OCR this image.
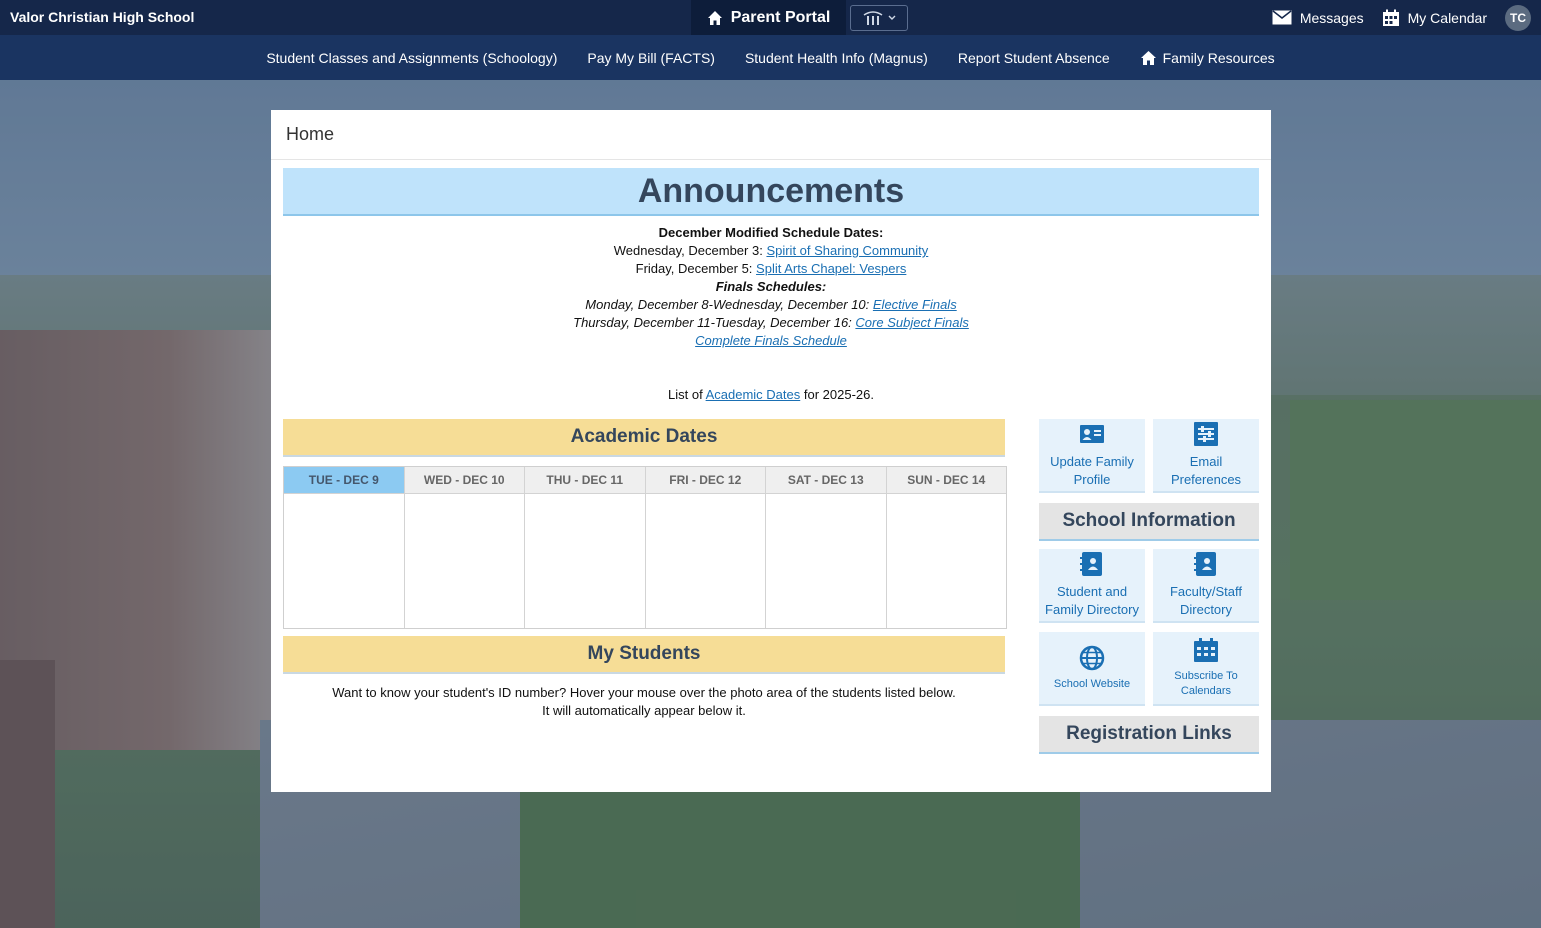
Valor Christian High School	Parent Portal	Messages	My Calendar	TC
Student Classes and Assignments (Schoology) Pay My Bill (FACTS) Student Health Info (Magnus) Report Student Absence	Family Resources
Home
Announcements
December Modified Schedule Dates:
Wednesday, December 3: Spirit of Sharing Community
Friday, December 5: Split Arts Chapel: Vespers
Finals Schedules:
Monday, December 8-Wednesday, December 10: Elective Finals
Thursday, December 11-Tuesday, December 16: Core Subject Finals
Complete Finals Schedule
List of Academic Dates for 2025-26.
Academic Dates
TUE - DEC 9	WED - DEC 10	THU - DEC 11	FRI - DEC 12	SAT - DEC 13	SUN - DEC 14
My Students
Want to know your student's ID number? Hover your mouse over the photo area of the students listed below.
It will automatically appear below it.
Update Family Profile
Email Preferences
School Information
Student and Family Directory
Faculty/Staff Directory
School Website
Subscribe To Calendars
Registration Links
